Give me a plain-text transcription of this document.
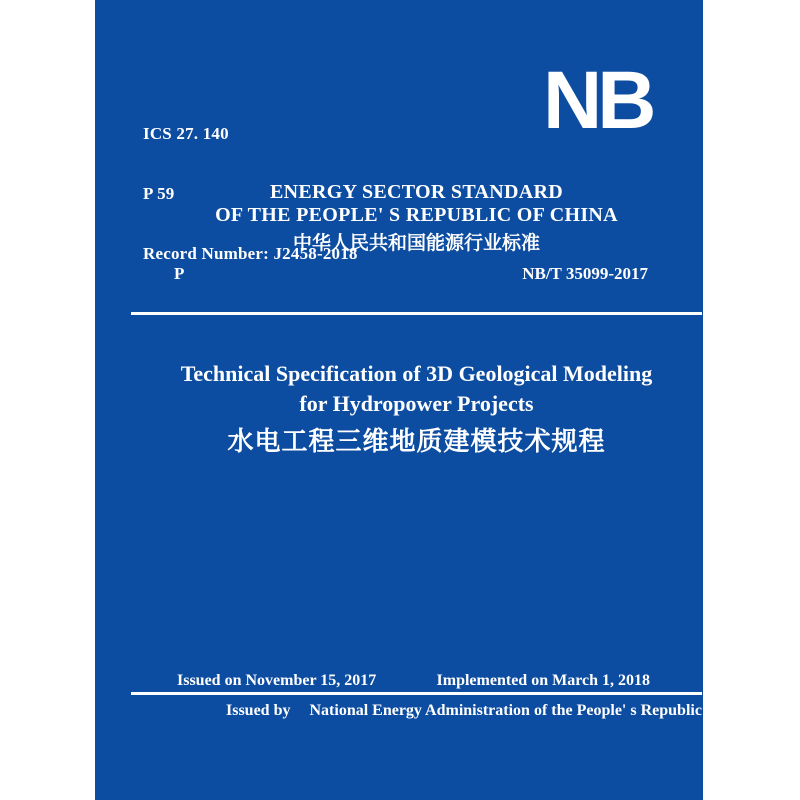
ICS 27. 140

P 59

Record Number: J2458-2018

NB
ENERGY SECTOR STANDARD
OF THE PEOPLE' S REPUBLIC OF CHINA
中华人民共和国能源行业标准
P	NB/T 35099-2017
Technical Specification of 3D Geological Modeling
for Hydropower Projects
水电工程三维地质建模技术规程
Issued on November 15, 2017	Implemented on March 1, 2018
Issued by National Energy Administration of the People' s Republic of China
